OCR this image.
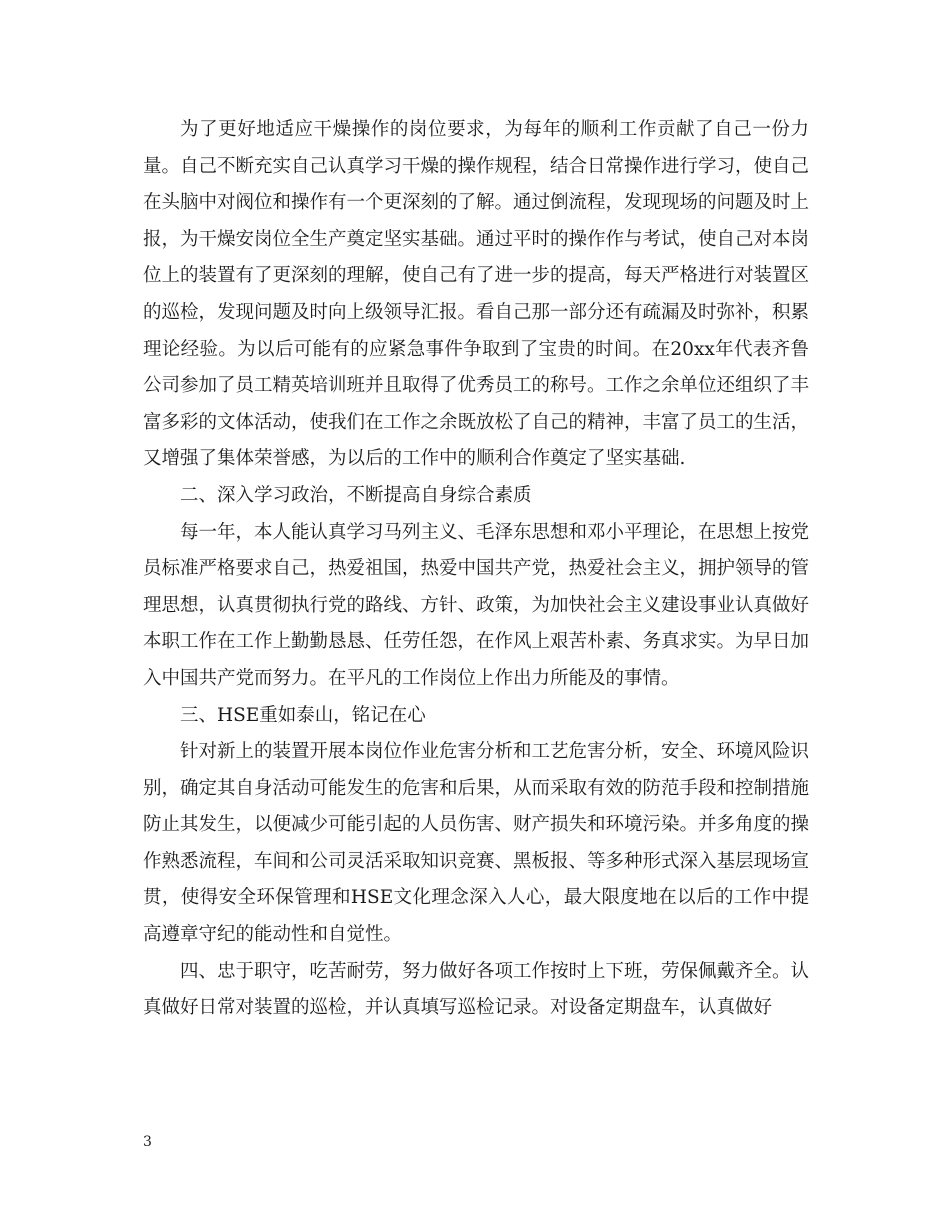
为了更好地适应干燥操作的岗位要求，为每年的顺利工作贡献了自己一份力量。自己不断充实自己认真学习干燥的操作规程，结合日常操作进行学习，使自己在头脑中对阀位和操作有一个更深刻的了解。通过倒流程，发现现场的问题及时上报，为干燥安岗位全生产奠定坚实基础。通过平时的操作作与考试，使自己对本岗位上的装置有了更深刻的理解，使自己有了进一步的提高，每天严格进行对装置区的巡检，发现问题及时向上级领导汇报。看自己那一部分还有疏漏及时弥补，积累理论经验。为以后可能有的应紧急事件争取到了宝贵的时间。在20xx年代表齐鲁公司参加了员工精英培训班并且取得了优秀员工的称号。工作之余单位还组织了丰富多彩的文体活动，使我们在工作之余既放松了自己的精神，丰富了员工的生活，又增强了集体荣誉感，为以后的工作中的顺利合作奠定了坚实基础.

二、深入学习政治，不断提高自身综合素质

每一年，本人能认真学习马列主义、毛泽东思想和邓小平理论，在思想上按党员标准严格要求自己，热爱祖国，热爱中国共产党，热爱社会主义，拥护领导的管理思想，认真贯彻执行党的路线、方针、政策，为加快社会主义建设事业认真做好本职工作在工作上勤勤恳恳、任劳任怨，在作风上艰苦朴素、务真求实。为早日加入中国共产党而努力。在平凡的工作岗位上作出力所能及的事情。

三、HSE重如泰山，铭记在心

针对新上的装置开展本岗位作业危害分析和工艺危害分析，安全、环境风险识别，确定其自身活动可能发生的危害和后果，从而采取有效的防范手段和控制措施防止其发生，以便减少可能引起的人员伤害、财产损失和环境污染。并多角度的操作熟悉流程，车间和公司灵活采取知识竞赛、黑板报、等多种形式深入基层现场宣贯，使得安全环保管理和HSE文化理念深入人心，最大限度地在以后的工作中提高遵章守纪的能动性和自觉性。

四、忠于职守，吃苦耐劳，努力做好各项工作按时上下班，劳保佩戴齐全。认真做好日常对装置的巡检，并认真填写巡检记录。对设备定期盘车，认真做好

3
